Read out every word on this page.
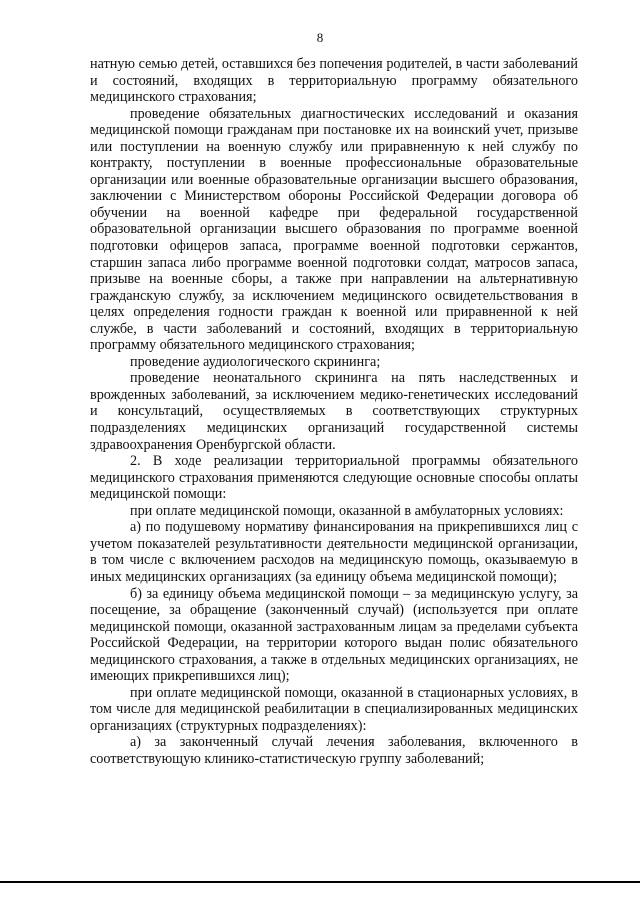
8

натную семью детей, оставшихся без попечения родителей, в части заболеваний и состояний, входящих в территориальную программу обязательного медицинского страхования;

проведение обязательных диагностических исследований и оказания медицинской помощи гражданам при постановке их на воинский учет, призыве или поступлении на военную службу или приравненную к ней службу по контракту, поступлении в военные профессиональные образовательные организации или военные образовательные организации высшего образования, заключении с Министерством обороны Российской Федерации договора об обучении на военной кафедре при федеральной государственной образовательной организации высшего образования по программе военной подготовки офицеров запаса, программе военной подготовки сержантов, старшин запаса либо программе военной подготовки солдат, матросов запаса, призыве на военные сборы, а также при направлении на альтернативную гражданскую службу, за исключением медицинского освидетельствования в целях определения годности граждан к военной или приравненной к ней службе, в части заболеваний и состояний, входящих в территориальную программу обязательного медицинского страхования;

проведение аудиологического скрининга;

проведение неонатального скрининга на пять наследственных и врожденных заболеваний, за исключением медико-генетических исследований и консультаций, осуществляемых в соответствующих структурных подразделениях медицинских организаций государственной системы здравоохранения Оренбургской области.

2. В ходе реализации территориальной программы обязательного медицинского страхования применяются следующие основные способы оплаты медицинской помощи:

при оплате медицинской помощи, оказанной в амбулаторных условиях:

а) по подушевому нормативу финансирования на прикрепившихся лиц с учетом показателей результативности деятельности медицинской организации, в том числе с включением расходов на медицинскую помощь, оказываемую в иных медицинских организациях (за единицу объема медицинской помощи);

б) за единицу объема медицинской помощи – за медицинскую услугу, за посещение, за обращение (законченный случай) (используется при оплате медицинской помощи, оказанной застрахованным лицам за пределами субъекта Российской Федерации, на территории которого выдан полис обязательного медицинского страхования, а также в отдельных медицинских организациях, не имеющих прикрепившихся лиц);

при оплате медицинской помощи, оказанной в стационарных условиях, в том числе для медицинской реабилитации в специализированных медицинских организациях (структурных подразделениях):

а) за законченный случай лечения заболевания, включенного в соответствующую клинико-статистическую группу заболеваний;
